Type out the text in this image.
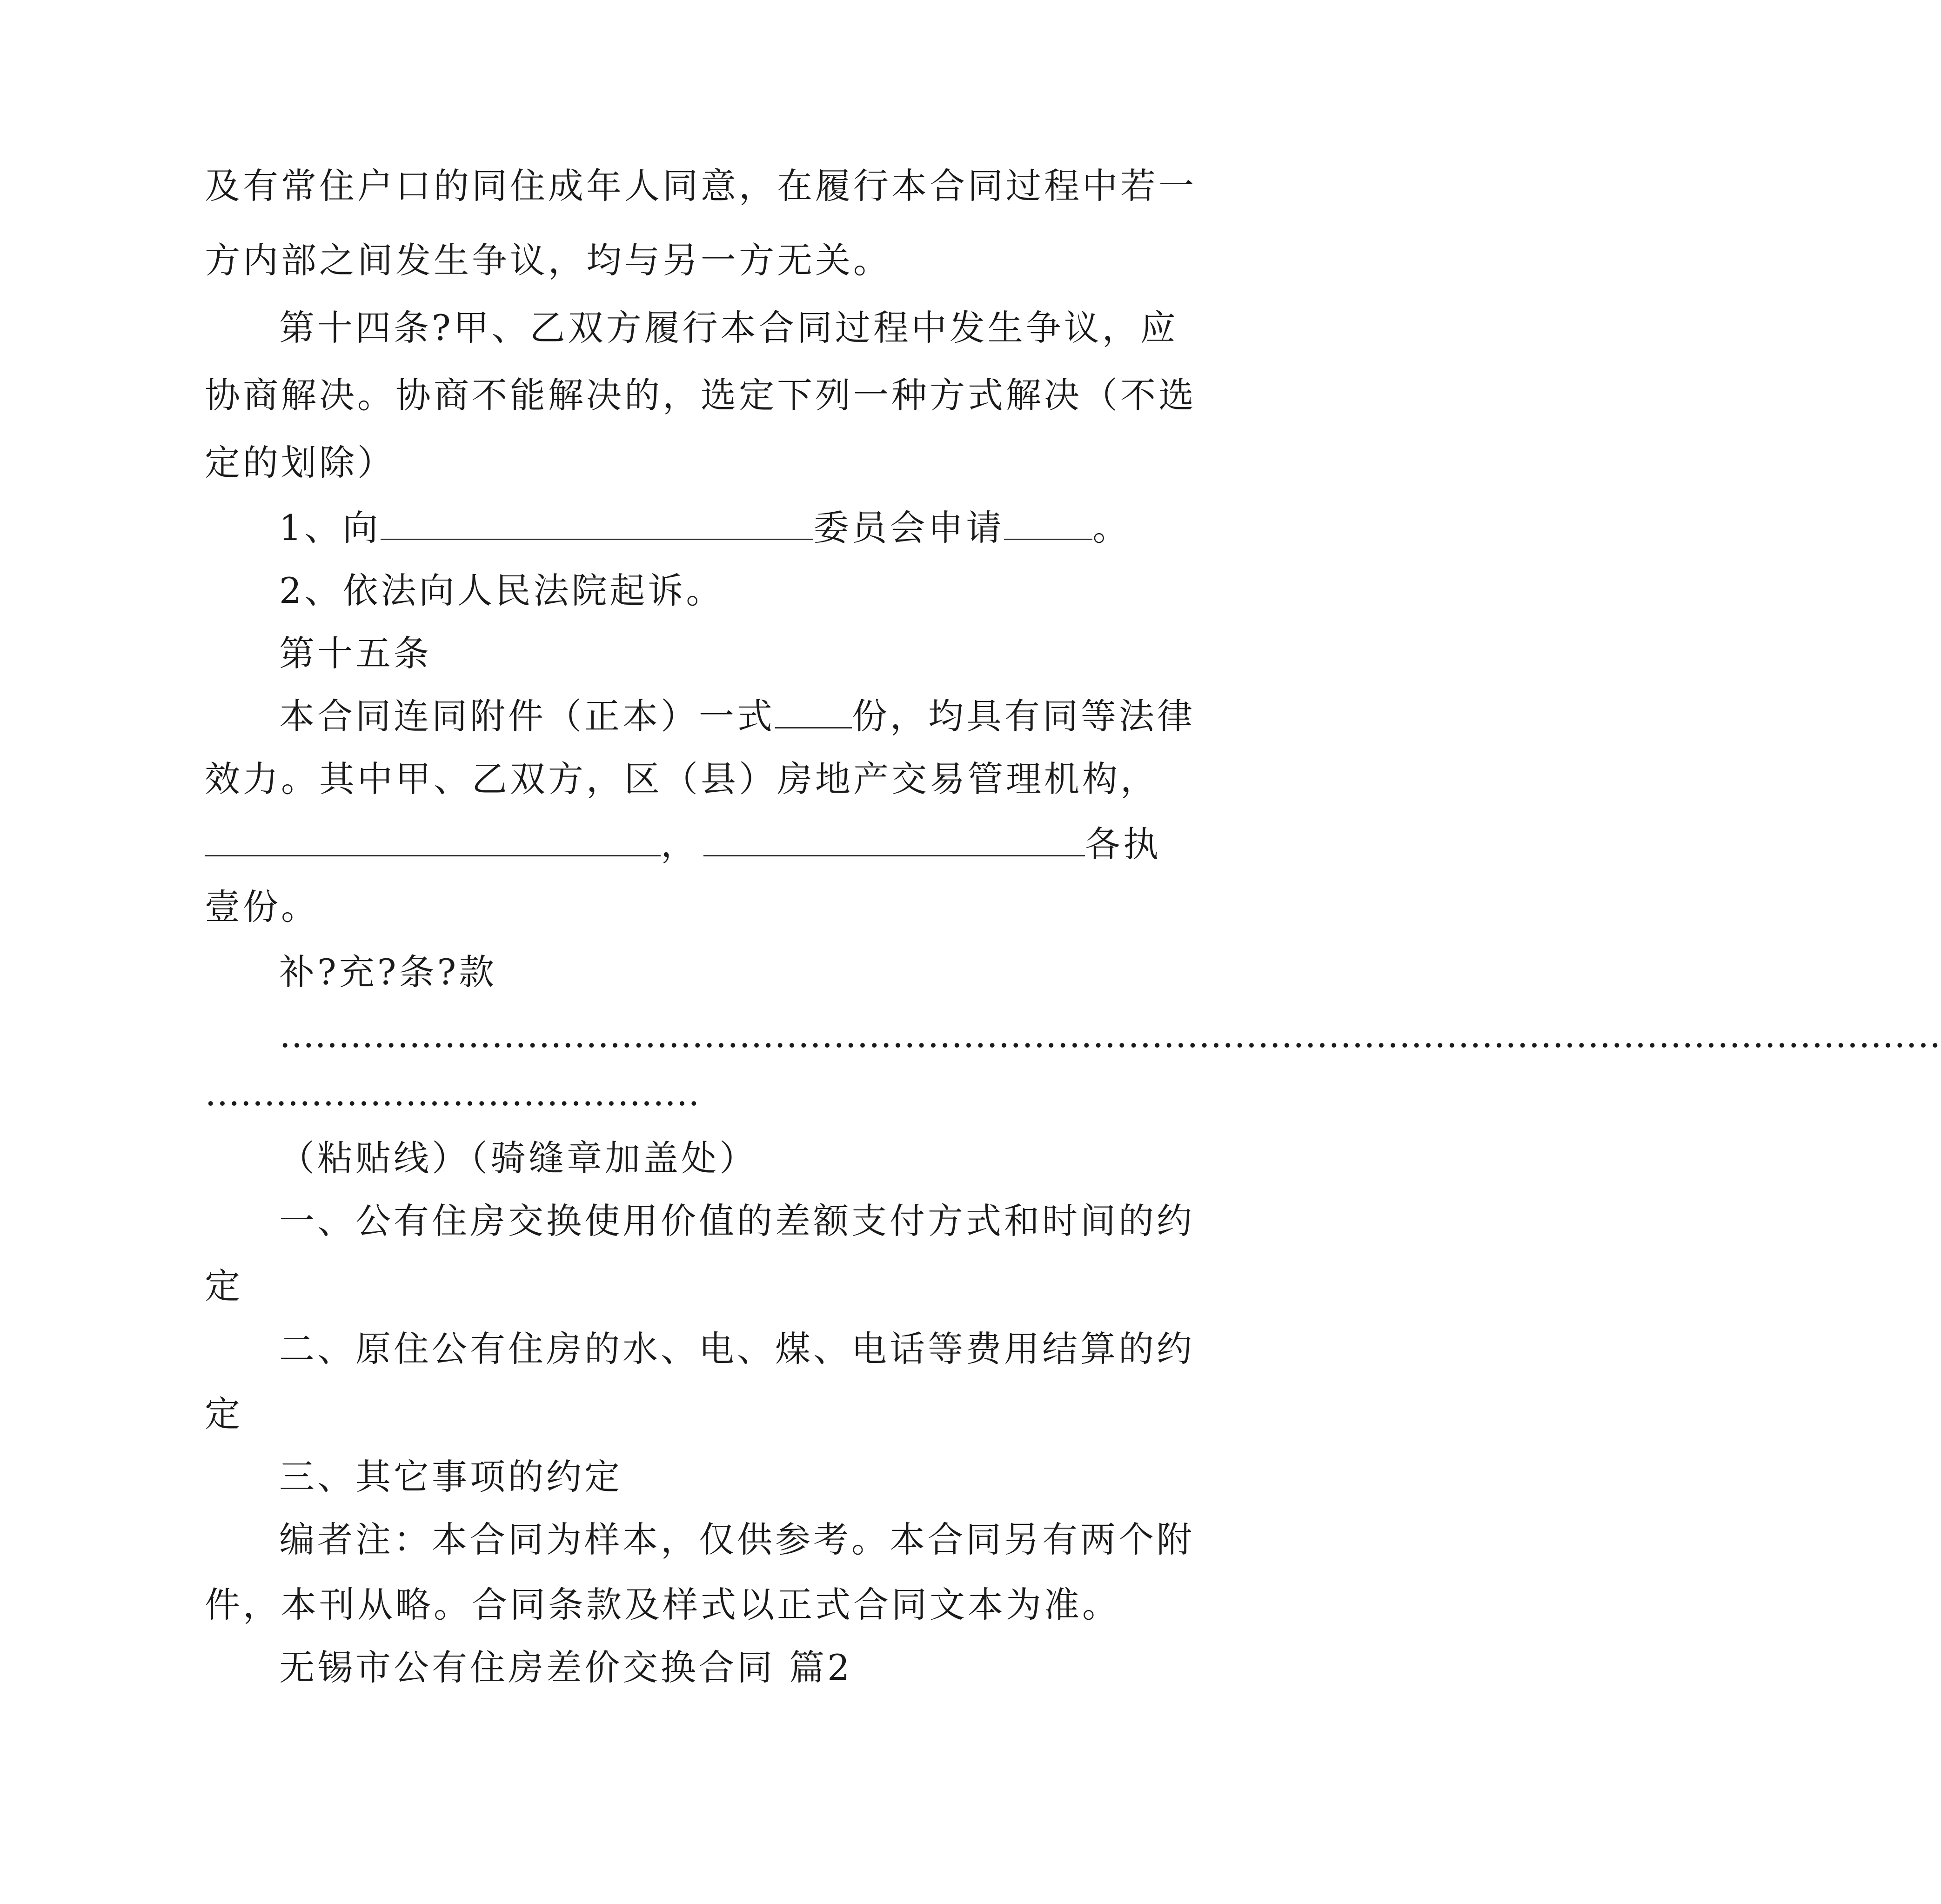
及有常住户口的同住成年人同意，在履行本合同过程中若一
方内部之间发生争议，均与另一方无关。
第十四条?甲、乙双方履行本合同过程中发生争议，应
协商解决。协商不能解决的，选定下列一种方式解决（不选
定的划除）
1、向	委员会申请	。
2、依法向人民法院起诉。
第十五条
本合同连同附件（正本）一式 份，均具有同等法律
效力。其中甲、乙双方，区（县）房地产交易管理机构，
，	各执
壹份。
补?充?条?款
……………………………………………………………………………………………………………………………
……………………………………
（粘贴线）（骑缝章加盖处）
一、公有住房交换使用价值的差额支付方式和时间的约
定
二、原住公有住房的水、电、煤、电话等费用结算的约
定
三、其它事项的约定
编者注：本合同为样本，仅供参考。本合同另有两个附
件，本刊从略。合同条款及样式以正式合同文本为准。
无锡市公有住房差价交换合同 篇2
